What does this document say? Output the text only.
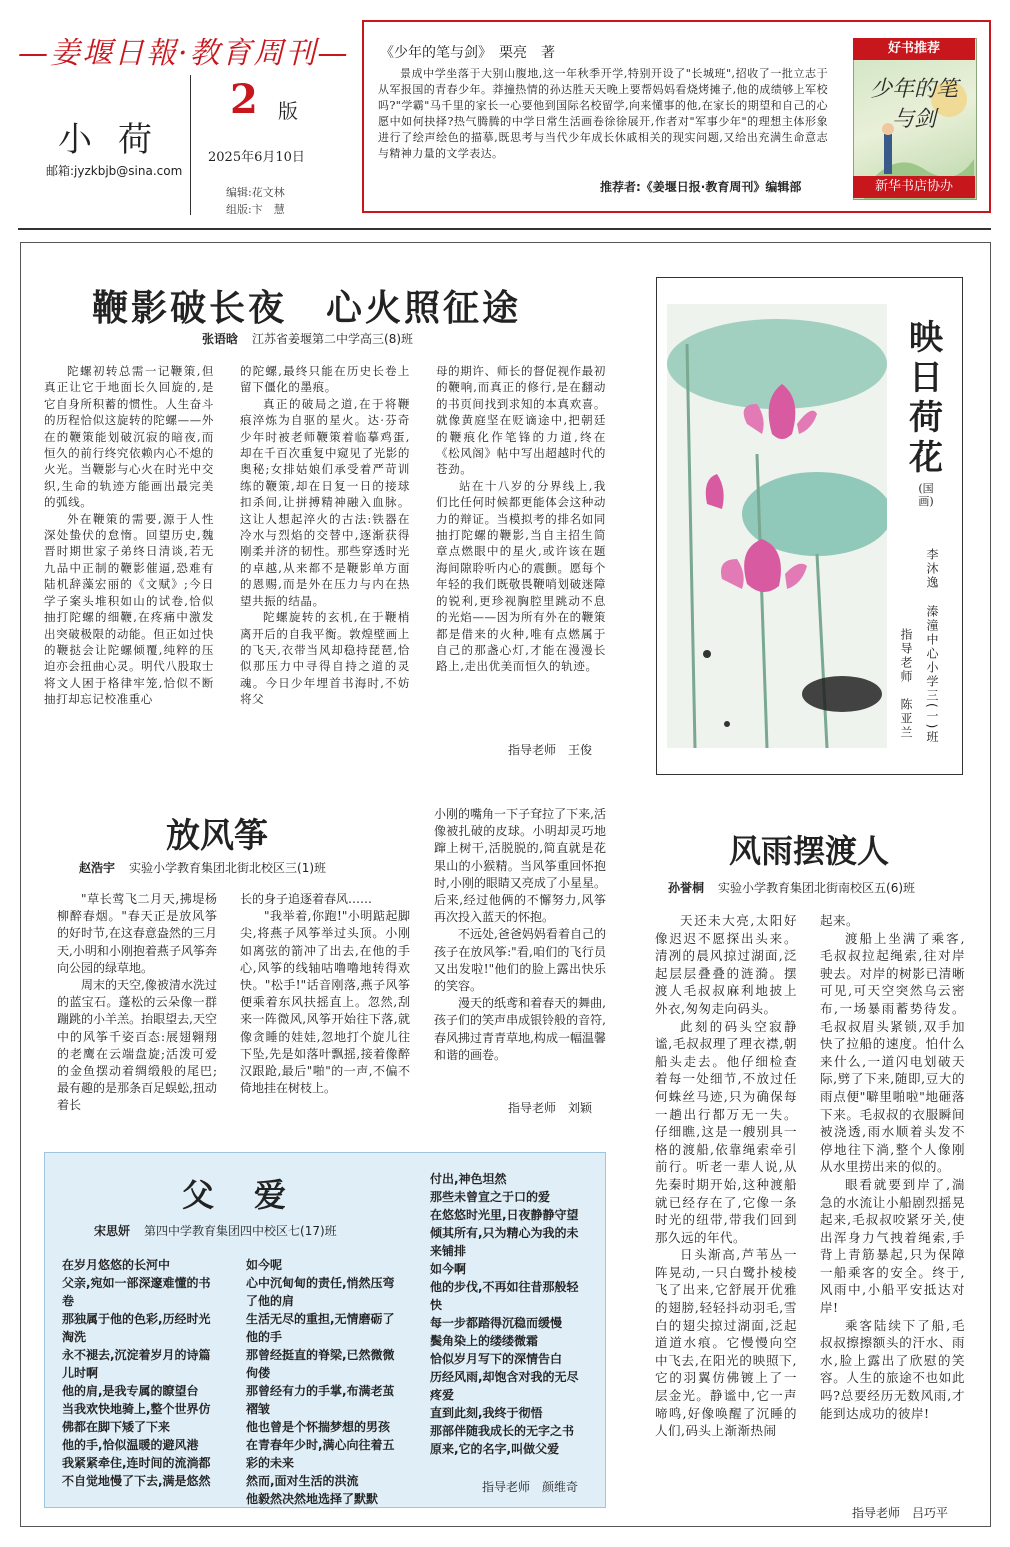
—姜堰日報·教育周刊—
小荷
邮箱:jyzkbjb@sina.com
2 版
2025年6月10日
编辑:花文林
组版:卞　慧
《少年的笔与剑》　栗亮　著
景成中学坐落于大别山腹地,这一年秋季开学,特别开设了"长城班",招收了一批立志于从军报国的青春少年。莽撞热情的孙达胜天天晚上要帮妈妈看烧烤摊子,他的成绩够上军校吗?"学霸"马千里的家长一心要他到国际名校留学,向来懂事的他,在家长的期望和自己的心愿中如何抉择?热气腾腾的中学日常生活画卷徐徐展开,作者对"军事少年"的理想主体形象进行了绘声绘色的描摹,既思考与当代少年成长休戚相关的现实问题,又给出充满生命意志与精神力量的文学表达。
推荐者:《姜堰日报·教育周刊》编辑部
好书推荐
少年的笔与剑
新华书店协办
鞭影破长夜　心火照征途
张语晗 江苏省姜堰第二中学高三(8)班

陀螺初转总需一记鞭策,但真正让它于地面长久回旋的,是它自身所积蓄的惯性。人生奋斗的历程恰似这旋转的陀螺——外在的鞭策能划破沉寂的暗夜,而恒久的前行终究依赖内心不熄的火光。当鞭影与心火在时光中交织,生命的轨迹方能画出最完美的弧线。

外在鞭策的需要,源于人性深处蛰伏的怠惰。回望历史,魏晋时期世家子弟终日清谈,若无九品中正制的鞭影催逼,恐难有陆机辞藻宏丽的《文赋》;今日学子案头堆积如山的试卷,恰似抽打陀螺的细鞭,在疼痛中激发出突破极限的动能。但正如过快的鞭挞会让陀螺倾覆,纯粹的压迫亦会扭曲心灵。明代八股取士将文人困于格律牢笼,恰似不断抽打却忘记校准重心

的陀螺,最终只能在历史长卷上留下僵化的墨痕。

真正的破局之道,在于将鞭痕淬炼为自驱的星火。达·芬奇少年时被老师鞭策着临摹鸡蛋,却在千百次重复中窥见了光影的奥秘;女排姑娘们承受着严苛训练的鞭策,却在日复一日的接球扣杀间,让拼搏精神融入血脉。这让人想起淬火的古法:铁器在冷水与烈焰的交替中,逐渐获得刚柔并济的韧性。那些穿透时光的卓越,从来都不是鞭影单方面的恩赐,而是外在压力与内在热望共振的结晶。

陀螺旋转的玄机,在于鞭梢离开后的自我平衡。敦煌壁画上的飞天,衣带当风却稳持琵琶,恰似那压力中寻得自持之道的灵魂。今日少年埋首书海时,不妨将父

母的期许、师长的督促视作最初的鞭响,而真正的修行,是在翻动的书页间找到求知的本真欢喜。就像黄庭坚在贬谪途中,把朝廷的鞭痕化作笔锋的力道,终在《松风阁》帖中写出超越时代的苍劲。

站在十八岁的分界线上,我们比任何时候都更能体会这种动力的辩证。当模拟考的排名如同抽打陀螺的鞭影,当自主招生简章点燃眼中的星火,或许该在题海间隙聆听内心的震颤。愿每个年轻的我们既敬畏鞭哨划破迷障的锐利,更珍视胸腔里跳动不息的光焰——因为所有外在的鞭策都是借来的火种,唯有点燃属于自己的那盏心灯,才能在漫漫长路上,走出优美而恒久的轨迹。

指导老师　王俊
映日荷花
(国画)
李沐逸
溱潼中心小学三(一)班
指导老师　陈亚兰
放风筝
赵浩宇 实验小学教育集团北街北校区三(1)班

"草长莺飞二月天,拂堤杨柳醉春烟。"春天正是放风筝的好时节,在这春意盎然的三月天,小明和小刚抱着燕子风筝奔向公园的绿草地。

周末的天空,像被清水洗过的蓝宝石。蓬松的云朵像一群蹦跳的小羊羔。抬眼望去,天空中的风筝千姿百态:展翅翱翔的老鹰在云端盘旋;活泼可爱的金鱼摆动着绸缎般的尾巴;最有趣的是那条百足蜈蚣,扭动着长

长的身子追逐着春风……

"我举着,你跑!"小明踮起脚尖,将燕子风筝举过头顶。小刚如离弦的箭冲了出去,在他的手心,风筝的线轴咕噜噜地转得欢快。"松手!"话音刚落,燕子风筝便乘着东风扶摇直上。忽然,刮来一阵微风,风筝开始往下落,就像贪睡的娃娃,忽地打个旋儿往下坠,先是如落叶飘摇,接着像醉汉跟跄,最后"啪"的一声,不偏不倚地挂在树枝上。

小刚的嘴角一下子耷拉了下来,活像被扎破的皮球。小明却灵巧地蹿上树干,活脱脱的,简直就是花果山的小猴精。当风筝重回怀抱时,小刚的眼睛又亮成了小星星。后来,经过他俩的不懈努力,风筝再次投入蓝天的怀抱。

不远处,爸爸妈妈看着自己的孩子在放风筝:"看,咱们的飞行员又出发啦!"他们的脸上露出快乐的笑容。

漫天的纸鸢和着春天的舞曲,孩子们的笑声串成银铃般的音符,春风拂过青青草地,构成一幅温馨和谐的画卷。

指导老师　刘颖
风雨摆渡人
孙誉桐 实验小学教育集团北街南校区五(6)班

天还未大亮,太阳好像迟迟不愿探出头来。清冽的晨风掠过湖面,泛起层层叠叠的涟漪。摆渡人毛叔叔麻利地披上外衣,匆匆走向码头。

此刻的码头空寂静谧,毛叔叔理了理衣襟,朝船头走去。他仔细检查着每一处细节,不放过任何蛛丝马迹,只为确保每一趟出行都万无一失。仔细瞧,这是一艘别具一格的渡船,依靠绳索牵引前行。听老一辈人说,从先秦时期开始,这种渡船就已经存在了,它像一条时光的纽带,带我们回到那久远的年代。

日头渐高,芦苇丛一阵晃动,一只白鹭扑棱棱飞了出来,它舒展开优雅的翅膀,轻轻抖动羽毛,雪白的翅尖掠过湖面,泛起道道水痕。它慢慢向空中飞去,在阳光的映照下,它的羽翼仿佛镀上了一层金光。静谧中,它一声啼鸣,好像唤醒了沉睡的人们,码头上渐渐热闹

起来。

渡船上坐满了乘客,毛叔叔拉起绳索,往对岸驶去。对岸的树影已清晰可见,可天空突然乌云密布,一场暴雨蓄势待发。毛叔叔眉头紧锁,双手加快了拉船的速度。怕什么来什么,一道闪电划破天际,劈了下来,随即,豆大的雨点便"噼里啪啦"地砸落下来。毛叔叔的衣服瞬间被浇透,雨水顺着头发不停地往下淌,整个人像刚从水里捞出来的似的。

眼看就要到岸了,湍急的水流让小船剧烈摇晃起来,毛叔叔咬紧牙关,使出浑身力气拽着绳索,手背上青筋暴起,只为保障一船乘客的安全。终于,风雨中,小船平安抵达对岸!

乘客陆续下了船,毛叔叔擦擦额头的汗水、雨水,脸上露出了欣慰的笑容。人生的旅途不也如此吗?总要经历无数风雨,才能到达成功的彼岸!

指导老师　吕巧平
父　爱
宋思妍 第四中学教育集团四中校区七(17)班
在岁月悠悠的长河中
父亲,宛如一部深邃难懂的书卷
那独属于他的色彩,历经时光淘洗
永不褪去,沉淀着岁月的诗篇儿时啊
他的肩,是我专属的瞭望台
当我欢快地骑上,整个世界仿佛都在脚下矮了下来
他的手,恰似温暖的避风港
我紧紧牵住,连时间的流淌都不自觉地慢了下去,满是悠然
如今呢
心中沉甸甸的责任,悄然压弯了他的肩
生活无尽的重担,无情磨砺了他的手
那曾经挺直的脊梁,已然微微佝偻
那曾经有力的手掌,布满老茧褶皱
他也曾是个怀揣梦想的男孩
在青春年少时,满心向往着五彩的未来
然而,面对生活的洪流
他毅然决然地选择了默默
付出,神色坦然
那些未曾宣之于口的爱
在悠悠时光里,日夜静静守望
倾其所有,只为精心为我的未来铺排
如今啊
他的步伐,不再如往昔那般轻快
每一步都踏得沉稳而缓慢
鬓角染上的缕缕微霜
恰似岁月写下的深情告白
历经风雨,却饱含对我的无尽疼爱
直到此刻,我终于彻悟
那部伴随我成长的无字之书
原来,它的名字,叫做父爱
指导老师　颜维奇
